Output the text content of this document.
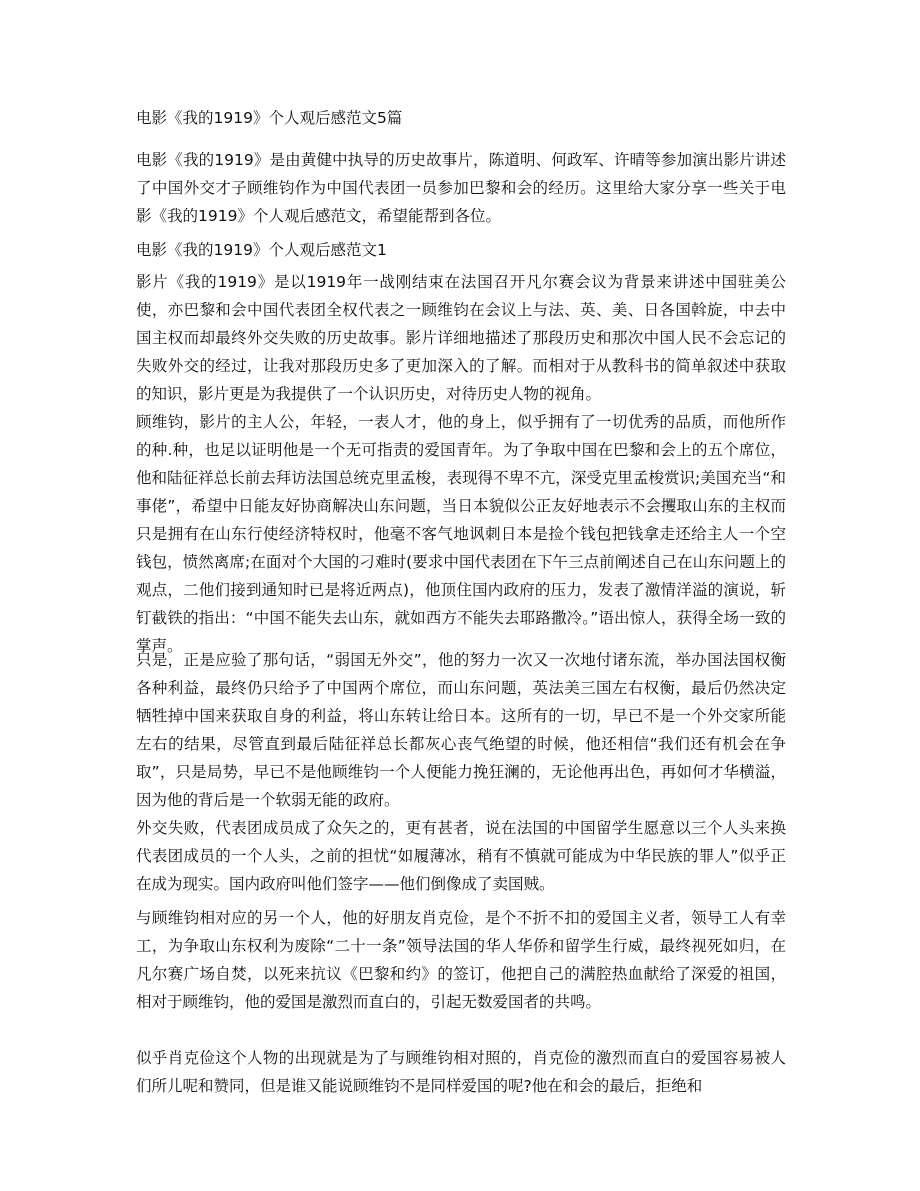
电影《我的1919》个人观后感范文5篇

电影《我的1919》是由黄健中执导的历史故事片，陈道明、何政军、许晴等参加演出影片讲述了中国外交才子顾维钧作为中国代表团一员参加巴黎和会的经历。这里给大家分享一些关于电影《我的1919》个人观后感范文，希望能帮到各位。

电影《我的1919》个人观后感范文1

影片《我的1919》是以1919年一战刚结束在法国召开凡尔赛会议为背景来讲述中国驻美公使，亦巴黎和会中国代表团全权代表之一顾维钧在会议上与法、英、美、日各国斡旋，中去中国主权而却最终外交失败的历史故事。影片详细地描述了那段历史和那次中国人民不会忘记的失败外交的经过，让我对那段历史多了更加深入的了解。而相对于从教科书的简单叙述中获取的知识，影片更是为我提供了一个认识历史，对待历史人物的视角。

顾维钧，影片的主人公，年轻，一表人才，他的身上，似乎拥有了一切优秀的品质，而他所作的种.种，也足以证明他是一个无可指责的爱国青年。为了争取中国在巴黎和会上的五个席位，他和陆征祥总长前去拜访法国总统克里孟梭，表现得不卑不亢，深受克里孟梭赏识;美国充当“和事佬”，希望中日能友好协商解决山东问题，当日本貌似公正友好地表示不会攫取山东的主权而只是拥有在山东行使经济特权时，他毫不客气地讽刺日本是捡个钱包把钱拿走还给主人一个空钱包，愤然离席;在面对个大国的刁难时(要求中国代表团在下午三点前阐述自己在山东问题上的观点，二他们接到通知时已是将近两点)，他顶住国内政府的压力，发表了激情洋溢的演说，斩钉截铁的指出：“中国不能失去山东，就如西方不能失去耶路撒冷。”语出惊人，获得全场一致的掌声。

只是，正是应验了那句话，“弱国无外交”，他的努力一次又一次地付诸东流，举办国法国权衡各种利益，最终仍只给予了中国两个席位，而山东问题，英法美三国左右权衡，最后仍然决定牺牲掉中国来获取自身的利益，将山东转让给日本。这所有的一切，早已不是一个外交家所能左右的结果，尽管直到最后陆征祥总长都灰心丧气绝望的时候，他还相信“我们还有机会在争取”，只是局势，早已不是他顾维钧一个人便能力挽狂澜的，无论他再出色，再如何才华横溢，因为他的背后是一个软弱无能的政府。

外交失败，代表团成员成了众矢之的，更有甚者，说在法国的中国留学生愿意以三个人头来换代表团成员的一个人头，之前的担忧“如履薄冰，稍有不慎就可能成为中华民族的罪人”似乎正在成为现实。国内政府叫他们签字——他们倒像成了卖国贼。

与顾维钧相对应的另一个人，他的好朋友肖克俭，是个不折不扣的爱国主义者，领导工人有幸工，为争取山东权利为废除“二十一条”领导法国的华人华侨和留学生行威，最终视死如归，在凡尔赛广场自焚，以死来抗议《巴黎和约》的签订，他把自己的满腔热血献给了深爱的祖国，相对于顾维钧，他的爱国是激烈而直白的，引起无数爱国者的共鸣。

似乎肖克俭这个人物的出现就是为了与顾维钧相对照的，肖克俭的激烈而直白的爱国容易被人们所儿呢和赞同，但是谁又能说顾维钧不是同样爱国的呢?他在和会的最后，拒绝和
